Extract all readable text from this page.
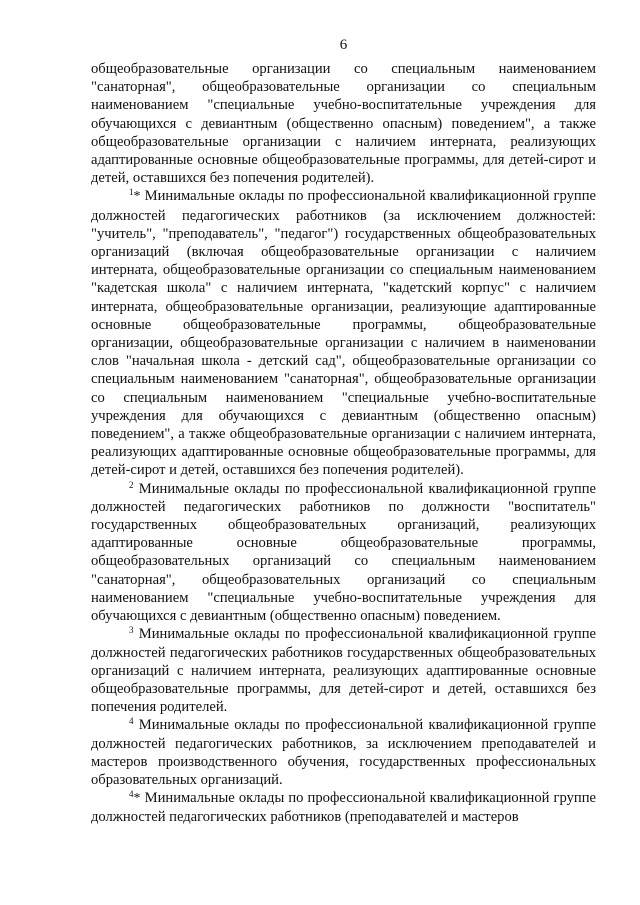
6

общеобразовательные организации со специальным наименованием "санаторная", общеобразовательные организации со специальным наименованием "специальные учебно-воспитательные учреждения для обучающихся с девиантным (общественно опасным) поведением", а также общеобразовательные организации с наличием интерната, реализующих адаптированные основные общеобразовательные программы, для детей-сирот и детей, оставшихся без попечения родителей).

$^1$* Минимальные оклады по профессиональной квалификационной группе должностей педагогических работников (за исключением должностей: "учитель", "преподаватель", "педагог") государственных общеобразовательных организаций (включая общеобразовательные организации с наличием интерната, общеобразовательные организации со специальным наименованием "кадетская школа" с наличием интерната, "кадетский корпус" с наличием интерната, общеобразовательные организации, реализующие адаптированные основные общеобразовательные программы, общеобразовательные организации, общеобразовательные организации с наличием в наименовании слов "начальная школа - детский сад", общеобразовательные организации со специальным наименованием "санаторная", общеобразовательные организации со специальным наименованием "специальные учебно-воспитательные учреждения для обучающихся с девиантным (общественно опасным) поведением", а также общеобразовательные организации с наличием интерната, реализующих адаптированные основные общеобразовательные программы, для детей-сирот и детей, оставшихся без попечения родителей).

$^2$ Минимальные оклады по профессиональной квалификационной группе должностей педагогических работников по должности "воспитатель" государственных общеобразовательных организаций, реализующих адаптированные основные общеобразовательные программы, общеобразовательных организаций со специальным наименованием "санаторная", общеобразовательных организаций со специальным наименованием "специальные учебно-воспитательные учреждения для обучающихся с девиантным (общественно опасным) поведением.

$^3$ Минимальные оклады по профессиональной квалификационной группе должностей педагогических работников государственных общеобразовательных организаций с наличием интерната, реализующих адаптированные основные общеобразовательные программы, для детей-сирот и детей, оставшихся без попечения родителей.

$^4$ Минимальные оклады по профессиональной квалификационной группе должностей педагогических работников, за исключением преподавателей и мастеров производственного обучения, государственных профессиональных образовательных организаций.

$^4$* Минимальные оклады по профессиональной квалификационной группе должностей педагогических работников (преподавателей и мастеров
